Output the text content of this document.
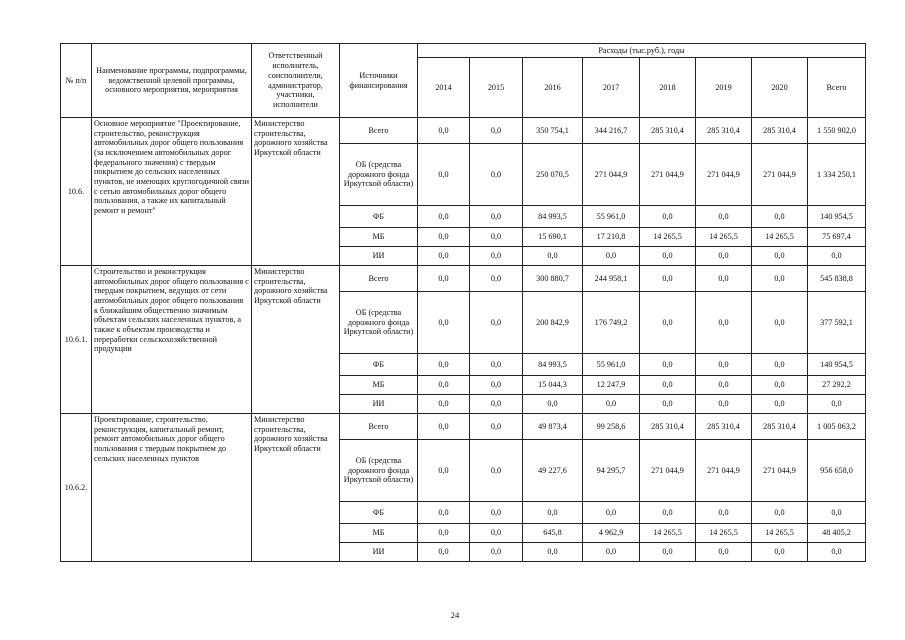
№ п/п	Наименование программы, подпрограммы, ведомственной целевой программы, основного мероприятия, мероприятия	Ответственный исполнитель, соисполнители, администратор, участники, исполнители	Источники финансирования	Расходы (тыс.руб.), годы							
				2014	2015	2016	2017	2018	2019	2020	Всего
10.6.	Основное мероприятие "Проектирование, строительство, реконструкция автомобильных дорог общего пользования (за исключением автомобильных дорог федерального значения) с твердым покрытием до сельских населенных пунктов, не имеющих круглогодичной связи с сетью автомобильных дорог общего пользования, а также их капитальный ремонт и ремонт"	Министерство строительства, дорожного хозяйства Иркутской области	Всего	0,0	0,0	350 754,1	344 216,7	285 310,4	285 310,4	285 310,4	1 550 902,0
			ОБ (средства дорожного фонда Иркутской области)	0,0	0,0	250 070,5	271 044,9	271 044,9	271 044,9	271 044,9	1 334 250,1
			ФБ	0,0	0,0	84 993,5	55 961,0	0,0	0,0	0,0	140 954,5
			МБ	0,0	0,0	15 690,1	17 210,8	14 265,5	14 265,5	14 265,5	75 697,4
			ИИ	0,0	0,0	0,0	0,0	0,0	0,0	0,0	0,0
10.6.1.	Строительство и реконструкция автомобильных дорог общего пользования с твердым покрытием, ведущих от сети автомобильных дорог общего пользования к ближайшим общественно значимым объектам сельских населенных пунктов, а также к объектам производства и переработки сельскохозяйственной продукции	Министерство строительства, дорожного хозяйства Иркутской области	Всего	0,0	0,0	300 880,7	244 958,1	0,0	0,0	0,0	545 838,8
			ОБ (средства дорожного фонда Иркутской области)	0,0	0,0	200 842,9	176 749,2	0,0	0,0	0,0	377 592,1
			ФБ	0,0	0,0	84 993,5	55 961,0	0,0	0,0	0,0	140 954,5
			МБ	0,0	0,0	15 044,3	12 247,9	0,0	0,0	0,0	27 292,2
			ИИ	0,0	0,0	0,0	0,0	0,0	0,0	0,0	0,0
10.6.2.	Проектирование, строительство, реконструкция, капитальный ремонт, ремонт автомобильных дорог общего пользования с твердым покрытием до сельских населенных пунктов	Министерство строительства, дорожного хозяйства Иркутской области	Всего	0,0	0,0	49 873,4	99 258,6	285 310,4	285 310,4	285 310,4	1 005 063,2
			ОБ (средства дорожного фонда Иркутской области)	0,0	0,0	49 227,6	94 295,7	271 044,9	271 044,9	271 044,9	956 658,0
			ФБ	0,0	0,0	0,0	0,0	0,0	0,0	0,0	0,0
			МБ	0,0	0,0	645,8	4 962,9	14 265,5	14 265,5	14 265,5	48 405,2
			ИИ	0,0	0,0	0,0	0,0	0,0	0,0	0,0	0,0
24
